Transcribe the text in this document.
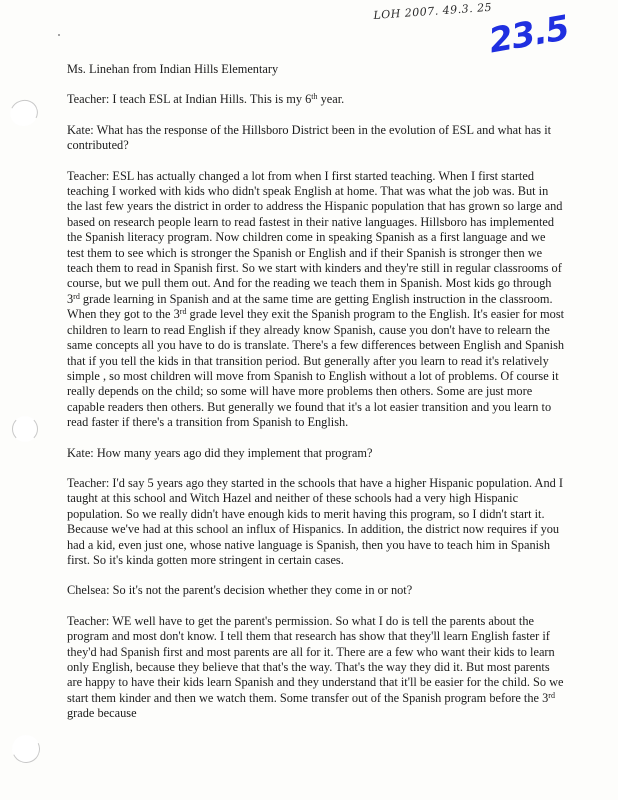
LOH 2007. 49.3. 25
23.5

Ms. Linehan from Indian Hills Elementary

Teacher: I teach ESL at Indian Hills. This is my 6th year.

Kate: What has the response of the Hillsboro District been in the evolution of ESL and what has it contributed?

Teacher: ESL has actually changed a lot from when I first started teaching. When I first started teaching I worked with kids who didn't speak English at home. That was what the job was. But in the last few years the district in order to address the Hispanic population that has grown so large and based on research people learn to read fastest in their native languages. Hillsboro has implemented the Spanish literacy program. Now children come in speaking Spanish as a first language and we test them to see which is stronger the Spanish or English and if their Spanish is stronger then we teach them to read in Spanish first. So we start with kinders and they're still in regular classrooms of course, but we pull them out. And for the reading we teach them in Spanish. Most kids go through 3rd grade learning in Spanish and at the same time are getting English instruction in the classroom. When they got to the 3rd grade level they exit the Spanish program to the English. It's easier for most children to learn to read English if they already know Spanish, cause you don't have to relearn the same concepts all you have to do is translate. There's a few differences between English and Spanish that if you tell the kids in that transition period. But generally after you learn to read it's relatively simple , so most children will move from Spanish to English without a lot of problems. Of course it really depends on the child; so some will have more problems then others. Some are just more capable readers then others. But generally we found that it's a lot easier transition and you learn to read faster if there's a transition from Spanish to English.

Kate: How many years ago did they implement that program?

Teacher: I'd say 5 years ago they started in the schools that have a higher Hispanic population. And I taught at this school and Witch Hazel and neither of these schools had a very high Hispanic population. So we really didn't have enough kids to merit having this program, so I didn't start it. Because we've had at this school an influx of Hispanics. In addition, the district now requires if you had a kid, even just one, whose native language is Spanish, then you have to teach him in Spanish first. So it's kinda gotten more stringent in certain cases.

Chelsea: So it's not the parent's decision whether they come in or not?

Teacher: WE well have to get the parent's permission. So what I do is tell the parents about the program and most don't know. I tell them that research has show that they'll learn English faster if they'd had Spanish first and most parents are all for it. There are a few who want their kids to learn only English, because they believe that that's the way. That's the way they did it. But most parents are happy to have their kids learn Spanish and they understand that it'll be easier for the child. So we start them kinder and then we watch them. Some transfer out of the Spanish program before the 3rd grade because
